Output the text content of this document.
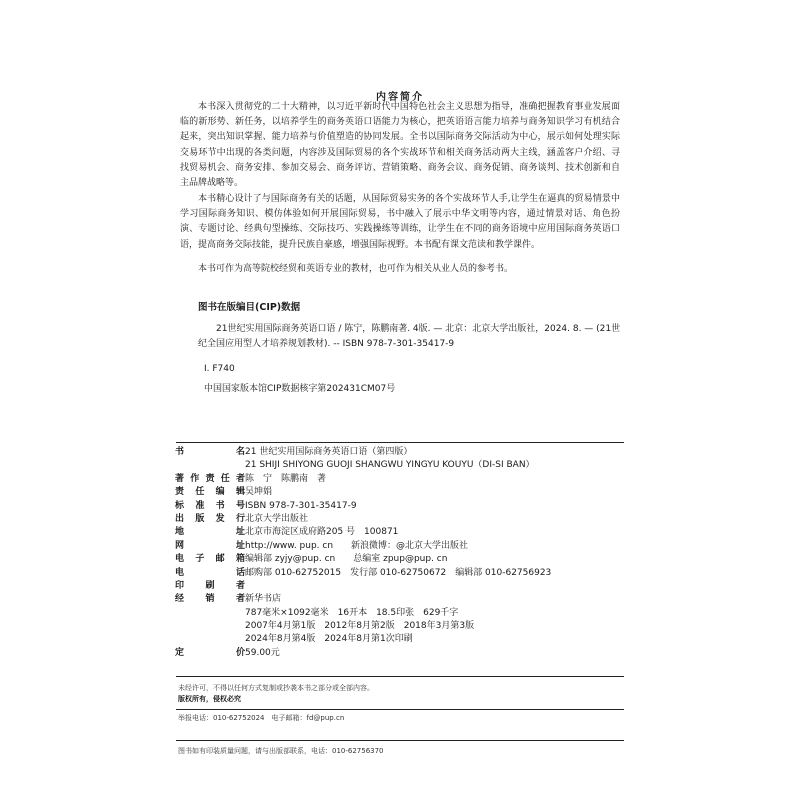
内容简介
本书深入贯彻党的二十大精神，以习近平新时代中国特色社会主义思想为指导，准确把握教育事业发展面临的新形势、新任务，以培养学生的商务英语口语能力为核心，把英语语言能力培养与商务知识学习有机结合起来，突出知识掌握、能力培养与价值塑造的协同发展。全书以国际商务交际活动为中心，展示如何处理实际交易环节中出现的各类问题，内容涉及国际贸易的各个实战环节和相关商务活动两大主线，涵盖客户介绍、寻找贸易机会、商务安排、参加交易会、商务评访、营销策略、商务会议、商务促销、商务谈判、技术创新和自主品牌战略等。
本书精心设计了与国际商务有关的话题，从国际贸易实务的各个实战环节人手,让学生在逼真的贸易情景中学习国际商务知识、模仿体验如何开展国际贸易，书中融入了展示中华文明等内容，通过情景对话、角色扮演、专题讨论、经典句型操练、交际技巧、实践操练等训练，让学生在不同的商务语境中应用国际商务英语口语，提高商务交际技能，提升民族自豪感，增强国际视野。本书配有课文范读和教学课件。
本书可作为高等院校经贸和英语专业的教材，也可作为相关从业人员的参考书。
图书在版编目(CIP)数据
21世纪实用国际商务英语口语 / 陈宁，陈鹏南著. 4版. — 北京：北京大学出版社，2024. 8. — (21世纪全国应用型人才培养规划教材). -- ISBN 978-7-301-35417-9
Ⅰ. F740
中国国家版本馆CIP数据核字第202431CM07号
书	名 21 世纪实用国际商务英语口语（第四版）
21 SHIJI SHIYONG GUOJI SHANGWU YINGYU KOUYU（DI-SI BAN）
著 作 责 任 者 陈　宁　陈鹏南　著
责 任 编 辑 吴坤娟
标 准 书 号 ISBN 978-7-301-35417-9
出 版 发 行 北京大学出版社
地	址 北京市海淀区成府路205 号　100871
网	址 http://www. pup. cn　　新浪微博：@北京大学出版社
电 子 邮 箱 编辑部 zyjy@pup. cn　　总编室 zpup@pup. cn
电	话 邮购部 010-62752015　发行部 010-62750672　编辑部 010-62756923
印 刷 者
经 销 者 新华书店
787毫米×1092毫米　16开本　18.5印张　629千字
2007年4月第1版　2012年8月第2版　2018年3月第3版
2024年8月第4版　2024年8月第1次印刷
定	价 59.00元
未经许可，不得以任何方式复制或抄袭本书之部分或全部内容。
版权所有，侵权必究
举报电话：010-62752024　电子邮箱：fd@pup.cn
图书如有印装质量问题，请与出版部联系，电话：010-62756370
